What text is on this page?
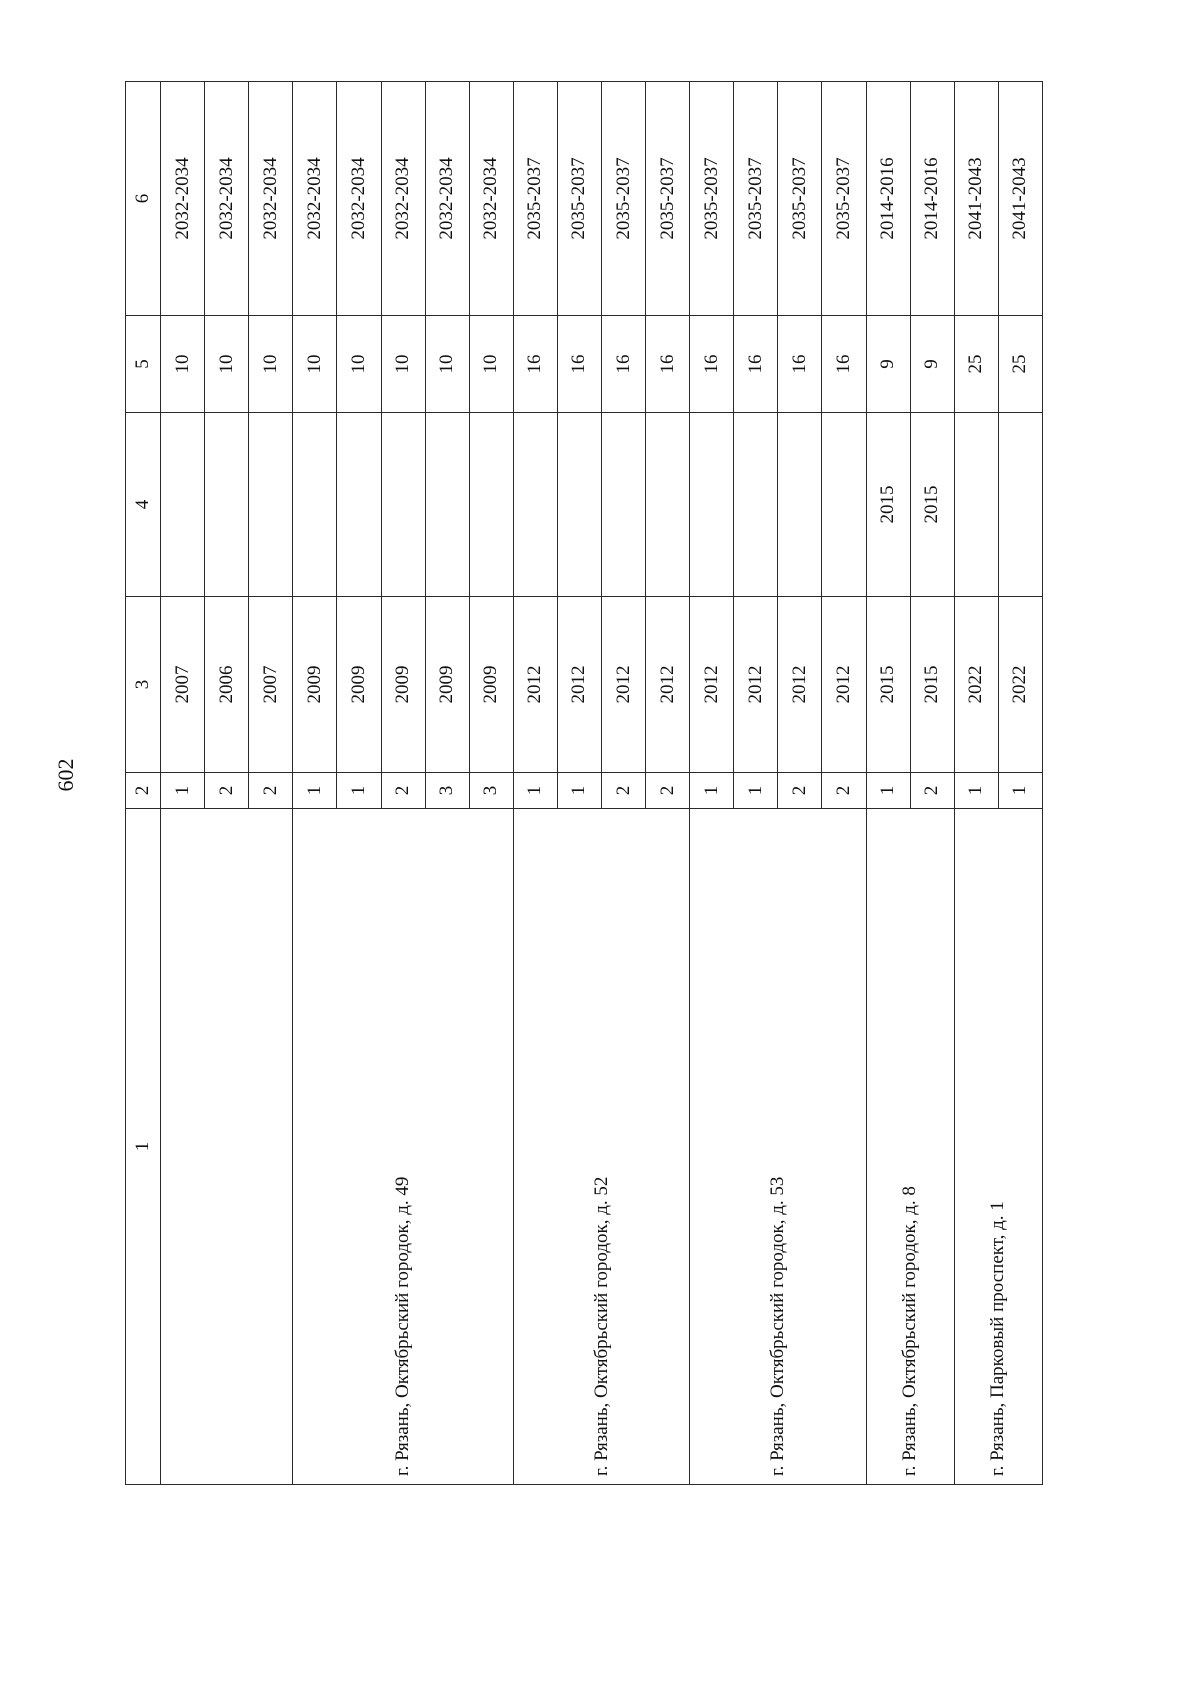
602
1	2	3	4	5	6
	1	2007		10	2032-2034
	2	2006		10	2032-2034
	2	2007		10	2032-2034
г. Рязань, Октябрьский городок, д. 49	1	2009		10	2032-2034
	1	2009		10	2032-2034
	2	2009		10	2032-2034
	3	2009		10	2032-2034
	3	2009		10	2032-2034
г. Рязань, Октябрьский городок, д. 52	1	2012		16	2035-2037
	1	2012		16	2035-2037
	2	2012		16	2035-2037
	2	2012		16	2035-2037
г. Рязань, Октябрьский городок, д. 53	1	2012		16	2035-2037
	1	2012		16	2035-2037
	2	2012		16	2035-2037
	2	2012		16	2035-2037
г. Рязань, Октябрьский городок, д. 8	1	2015	2015	9	2014-2016
	2	2015	2015	9	2014-2016
г. Рязань, Парковый проспект, д. 1	1	2022		25	2041-2043
	1	2022		25	2041-2043
